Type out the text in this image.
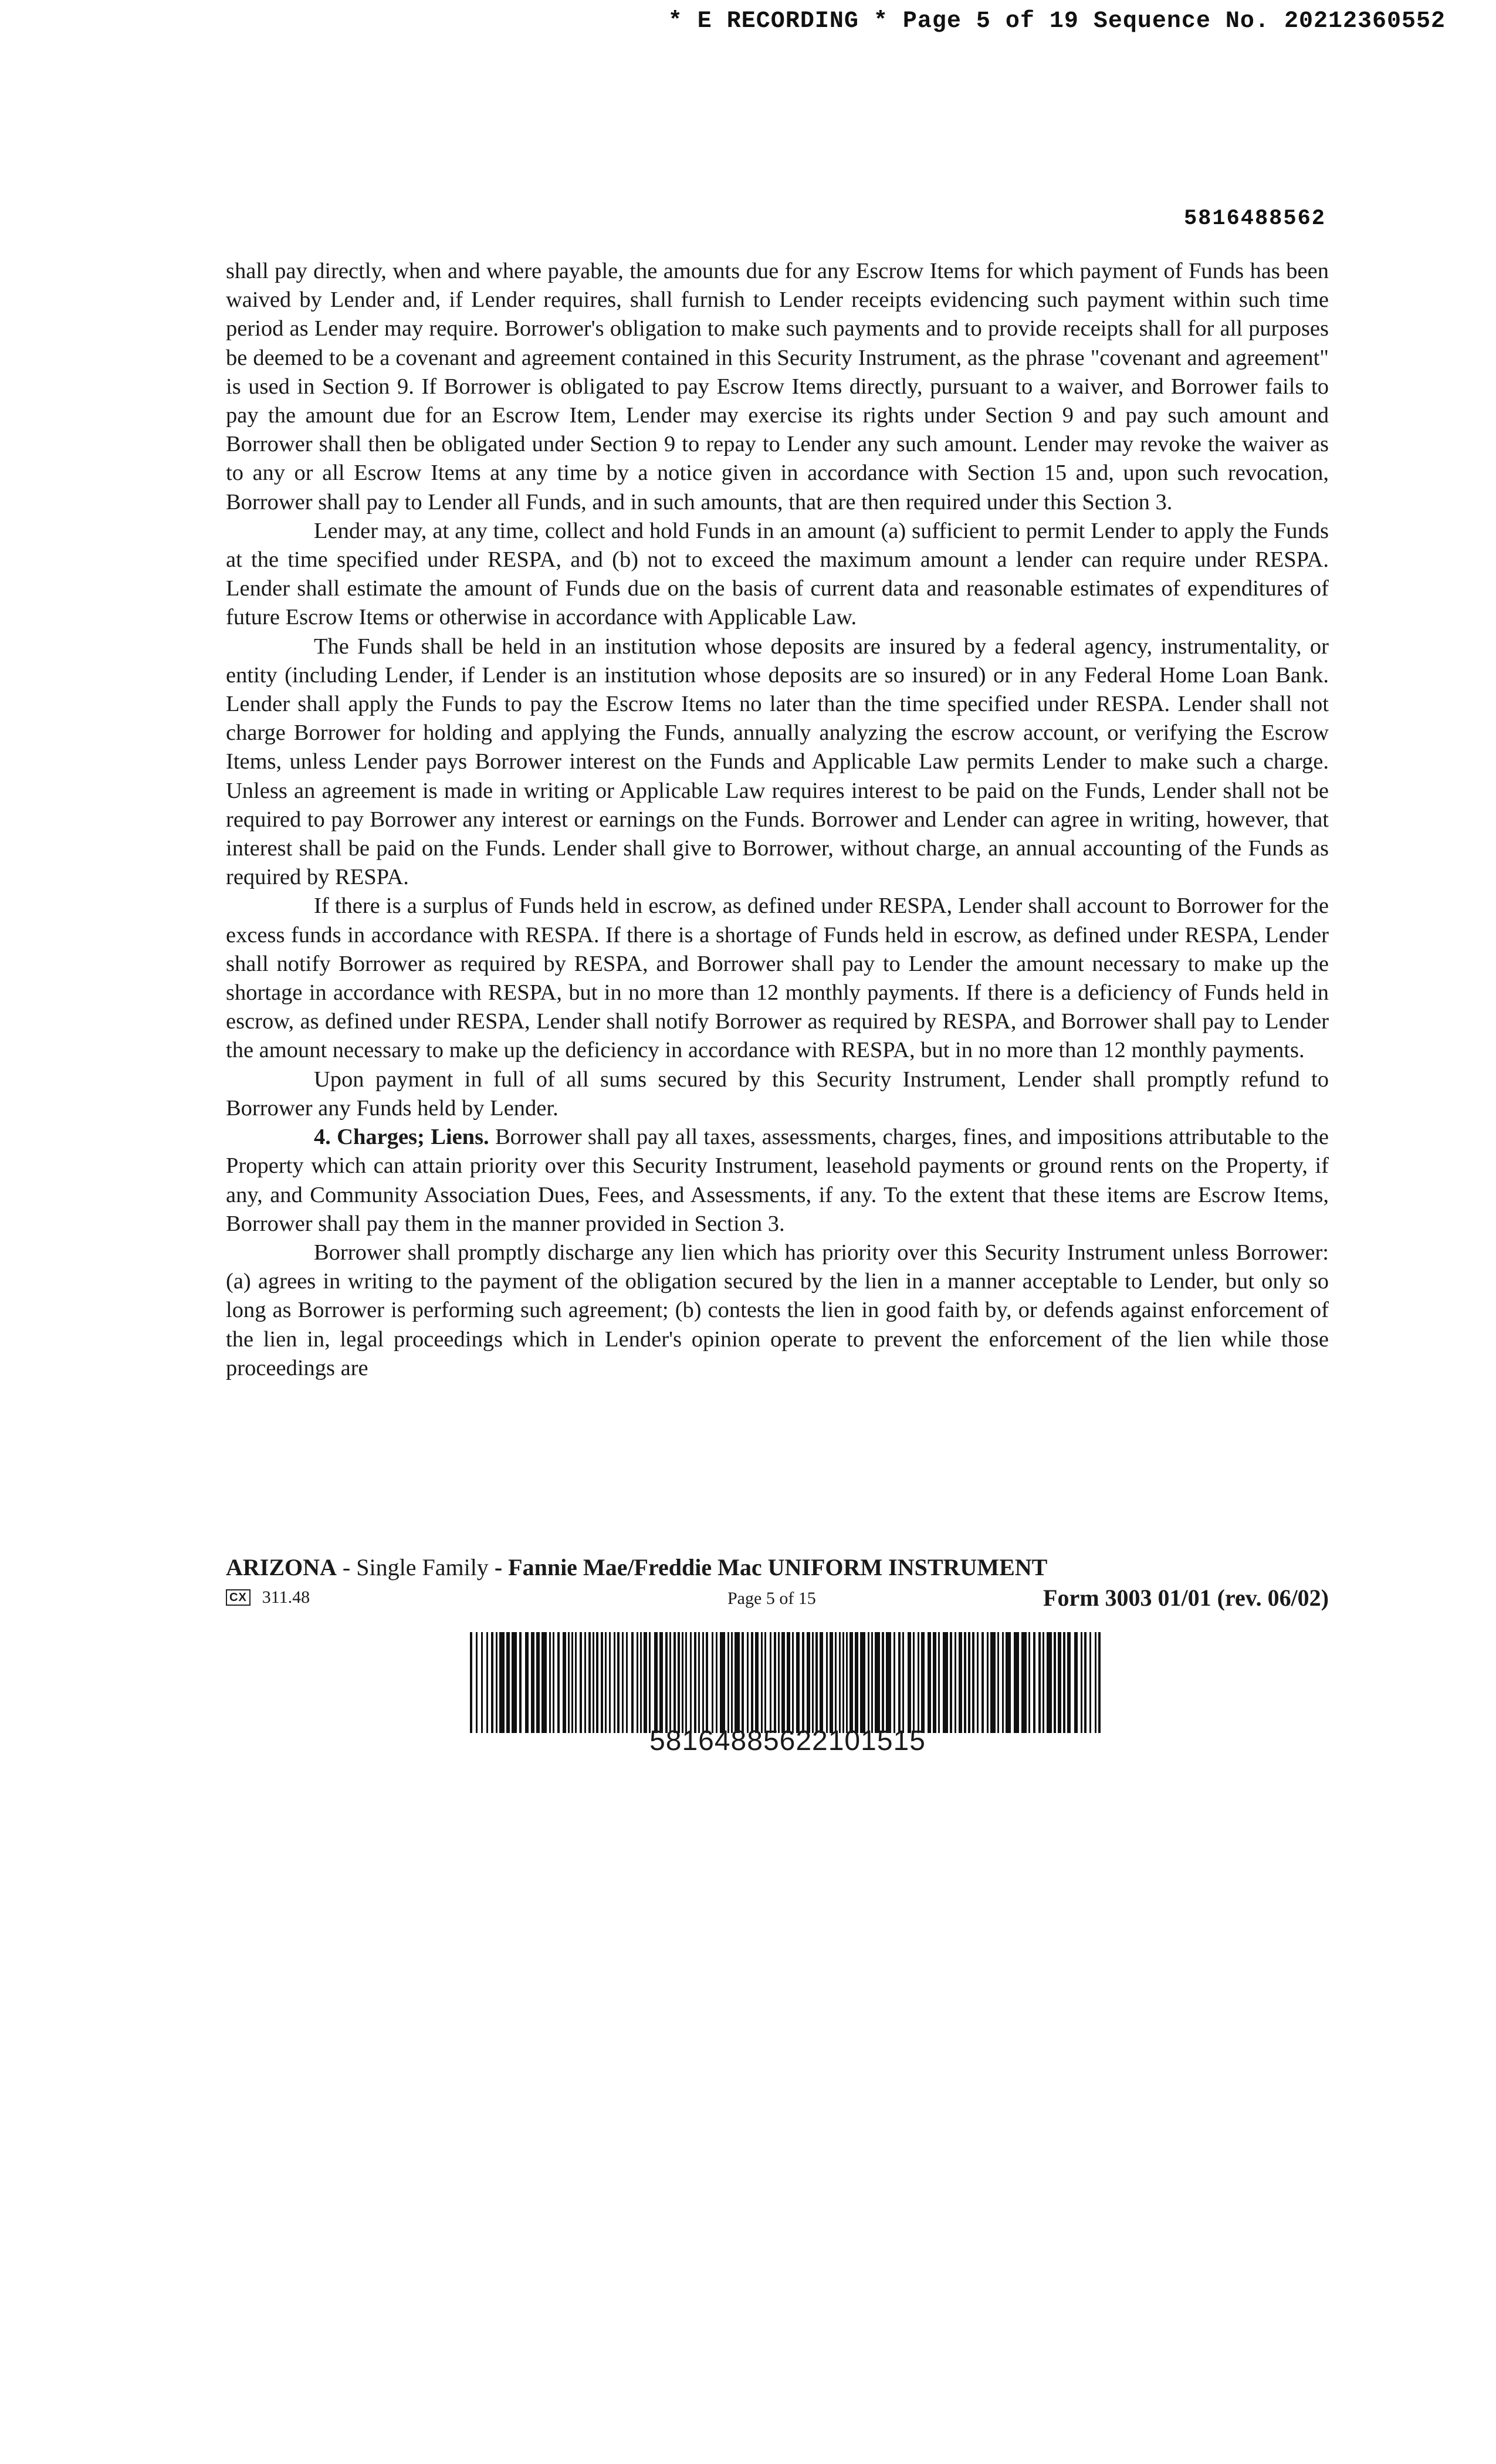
* E RECORDING * Page 5 of 19 Sequence No. 20212360552
5816488562

shall pay directly, when and where payable, the amounts due for any Escrow Items for which payment of Funds has been waived by Lender and, if Lender requires, shall furnish to Lender receipts evidencing such payment within such time period as Lender may require. Borrower's obligation to make such payments and to provide receipts shall for all purposes be deemed to be a covenant and agreement contained in this Security Instrument, as the phrase "covenant and agreement" is used in Section 9. If Borrower is obligated to pay Escrow Items directly, pursuant to a waiver, and Borrower fails to pay the amount due for an Escrow Item, Lender may exercise its rights under Section 9 and pay such amount and Borrower shall then be obligated under Section 9 to repay to Lender any such amount. Lender may revoke the waiver as to any or all Escrow Items at any time by a notice given in accordance with Section 15 and, upon such revocation, Borrower shall pay to Lender all Funds, and in such amounts, that are then required under this Section 3.

Lender may, at any time, collect and hold Funds in an amount (a) sufficient to permit Lender to apply the Funds at the time specified under RESPA, and (b) not to exceed the maximum amount a lender can require under RESPA. Lender shall estimate the amount of Funds due on the basis of current data and reasonable estimates of expenditures of future Escrow Items or otherwise in accordance with Applicable Law.

The Funds shall be held in an institution whose deposits are insured by a federal agency, instrumentality, or entity (including Lender, if Lender is an institution whose deposits are so insured) or in any Federal Home Loan Bank. Lender shall apply the Funds to pay the Escrow Items no later than the time specified under RESPA. Lender shall not charge Borrower for holding and applying the Funds, annually analyzing the escrow account, or verifying the Escrow Items, unless Lender pays Borrower interest on the Funds and Applicable Law permits Lender to make such a charge. Unless an agreement is made in writing or Applicable Law requires interest to be paid on the Funds, Lender shall not be required to pay Borrower any interest or earnings on the Funds. Borrower and Lender can agree in writing, however, that interest shall be paid on the Funds. Lender shall give to Borrower, without charge, an annual accounting of the Funds as required by RESPA.

If there is a surplus of Funds held in escrow, as defined under RESPA, Lender shall account to Borrower for the excess funds in accordance with RESPA. If there is a shortage of Funds held in escrow, as defined under RESPA, Lender shall notify Borrower as required by RESPA, and Borrower shall pay to Lender the amount necessary to make up the shortage in accordance with RESPA, but in no more than 12 monthly payments. If there is a deficiency of Funds held in escrow, as defined under RESPA, Lender shall notify Borrower as required by RESPA, and Borrower shall pay to Lender the amount necessary to make up the deficiency in accordance with RESPA, but in no more than 12 monthly payments.

Upon payment in full of all sums secured by this Security Instrument, Lender shall promptly refund to Borrower any Funds held by Lender.

4. Charges; Liens. Borrower shall pay all taxes, assessments, charges, fines, and impositions attributable to the Property which can attain priority over this Security Instrument, leasehold payments or ground rents on the Property, if any, and Community Association Dues, Fees, and Assessments, if any. To the extent that these items are Escrow Items, Borrower shall pay them in the manner provided in Section 3.

Borrower shall promptly discharge any lien which has priority over this Security Instrument unless Borrower: (a) agrees in writing to the payment of the obligation secured by the lien in a manner acceptable to Lender, but only so long as Borrower is performing such agreement; (b) contests the lien in good faith by, or defends against enforcement of the lien in, legal proceedings which in Lender's opinion operate to prevent the enforcement of the lien while those proceedings are

ARIZONA - Single Family - Fannie Mae/Freddie Mac UNIFORM INSTRUMENT
CX 311.48	Page 5 of 15	Form 3003 01/01 (rev. 06/02)
58164885622101515
